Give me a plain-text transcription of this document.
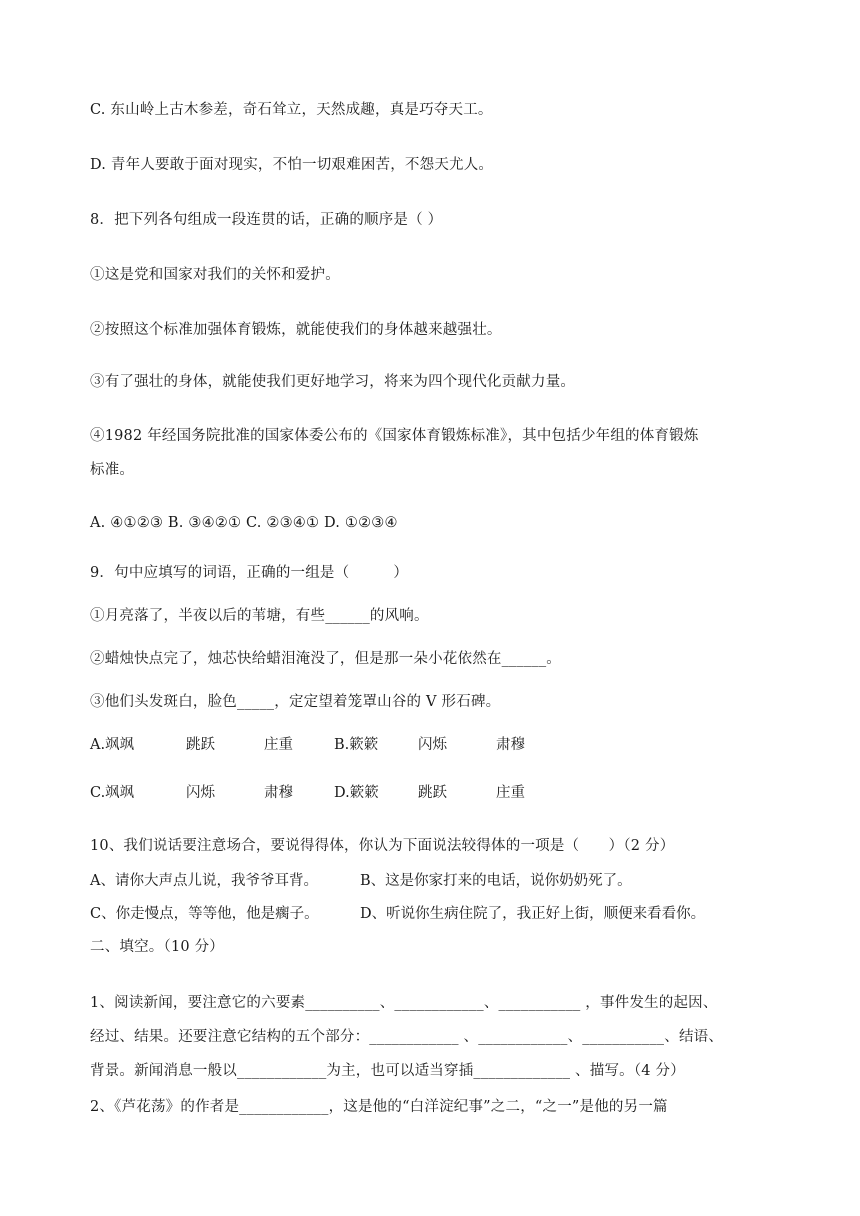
C. 东山岭上古木参差，奇石耸立，天然成趣，真是巧夺天工。
D. 青年人要敢于面对现实，不怕一切艰难困苦，不怨天尤人。
8．把下列各句组成一段连贯的话，正确的顺序是（ ）
①这是党和国家对我们的关怀和爱护。
②按照这个标准加强体育锻炼，就能使我们的身体越来越强壮。
③有了强壮的身体，就能使我们更好地学习，将来为四个现代化贡献力量。
④1982 年经国务院批准的国家体委公布的《国家体育锻炼标准》，其中包括少年组的体育锻炼
标准。
A. ④①②③ B. ③④②① C. ②③④① D. ①②③④
9．句中应填写的词语，正确的一组是（　　　）
①月亮落了，半夜以后的苇塘，有些______的风响。
②蜡烛快点完了，烛芯快给蜡泪淹没了，但是那一朵小花依然在______。
③他们头发斑白，脸色_____，定定望着笼罩山谷的 V 形石碑。
A.飒飒	跳跃	庄重	B.簌簌	闪烁	肃穆
C.飒飒	闪烁	肃穆	D.簌簌	跳跃	庄重
10、我们说话要注意场合，要说得得体，你认为下面说法较得体的一项是（　　）（2 分）
A、请你大声点儿说，我爷爷耳背。	B、这是你家打来的电话，说你奶奶死了。
C、你走慢点，等等他，他是瘸子。	D、听说你生病住院了，我正好上街，顺便来看看你。
二、填空。（10 分）
1、阅读新闻，要注意它的六要素__________、____________、___________ ，事件发生的起因、
经过、结果。还要注意它结构的五个部分：____________ 、____________、___________、结语、
背景。新闻消息一般以____________为主，也可以适当穿插_____________ 、描写。（4 分）
2、《芦花荡》的作者是____________，这是他的“白洋淀纪事”之二，“之一”是他的另一篇
